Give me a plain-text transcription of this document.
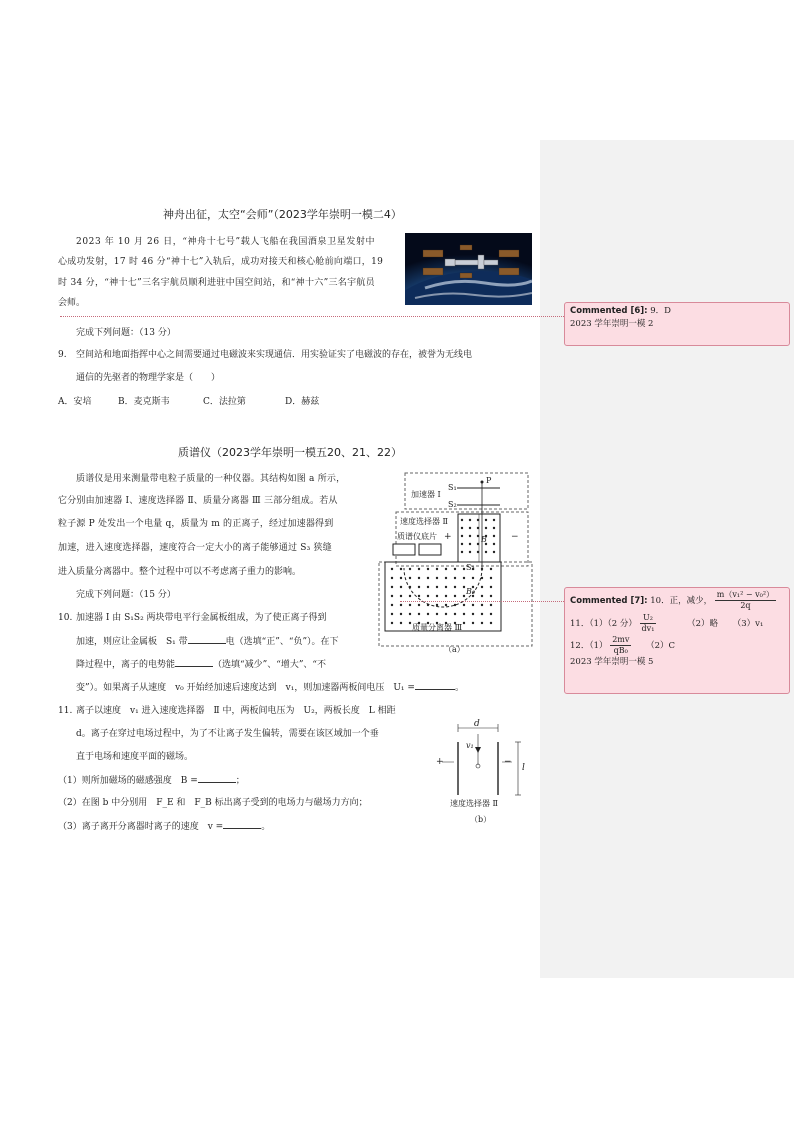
神舟出征，太空“会师”（2023学年崇明一模二4）
2023 年 10 月 26 日，“神舟十七号”载人飞船在我国酒泉卫星发射中
心成功发射，17 时 46 分“神十七”入轨后，成功对接天和核心舱前向端口，19
时 34 分，“神十七”三名宇航员顺利进驻中国空间站，和“神十六”三名宇航员
会师。
完成下列问题：（13 分）
9. 空间站和地面指挥中心之间需要通过电磁波来实现通信．用实验证实了电磁波的存在，被誉为无线电
通信的先驱者的物理学家是（　　）
A．安培	B．麦克斯韦	C．法拉第	D．赫兹
质谱仪（2023学年崇明一模五20、21、22）
质谱仪是用来测量带电粒子质量的一种仪器。其结构如图 a 所示，
它分别由加速器 Ⅰ、速度选择器 Ⅱ、质量分离器 Ⅲ 三部分组成。若从
粒子源 P 处发出一个电量 q，质量为 m 的正离子，经过加速器得到
加速，进入速度选择器，速度符合一定大小的离子能够通过 S₃ 狭缝
进入质量分离器中。整个过程中可以不考虑离子重力的影响。
完成下列问题：（15 分）
10. 加速器 Ⅰ 由 S₁S₂ 两块带电平行金属板组成，为了使正离子得到
加速，则应让金属板　S₁ 带	电（选填“正”、“负”）。在下
降过程中，离子的电势能	（选填“减少”、“增大”、“不
变”）。如果离子从速度　v₀ 开始经加速后速度达到　v₁，则加速器两板间电压　U₁ =	。
11. 离子以速度　v₁ 进入速度选择器　Ⅱ 中，两板间电压为　U₂，两板长度　L 相距
d。离子在穿过电场过程中，为了不让离子发生偏转，需要在该区域加一个垂
直于电场和速度平面的磁场。
（1）则所加磁场的磁感强度　B =	；
（2）在图 b 中分别用　F_E 和　F_B 标出离子受到的电场力与磁场力方向；
（3）离子离开分离器时离子的速度　v =	。
加速器 Ⅰ
P
S₁
S₂
速度选择器 Ⅱ
质谱仪底片 +	−
B
S₃
B₀
质量分离器 Ⅲ
（a）
d
v₁
l
+	−
速度选择器 Ⅱ
（b）
Commented [6]: 9．D
2023 学年崇明一模 2
Commented [7]: 10．正，减少， $\frac{\text{m（v₁² − v₀²）}}{2q}$
11．（1）（2 分） $\frac{\text{U₂}}{\text{dv₁}}$	（2）略 （3）v₁
12．$(1) \frac{2mv}{\text{qB₀}} (2)C$
2023 学年崇明一模 5
